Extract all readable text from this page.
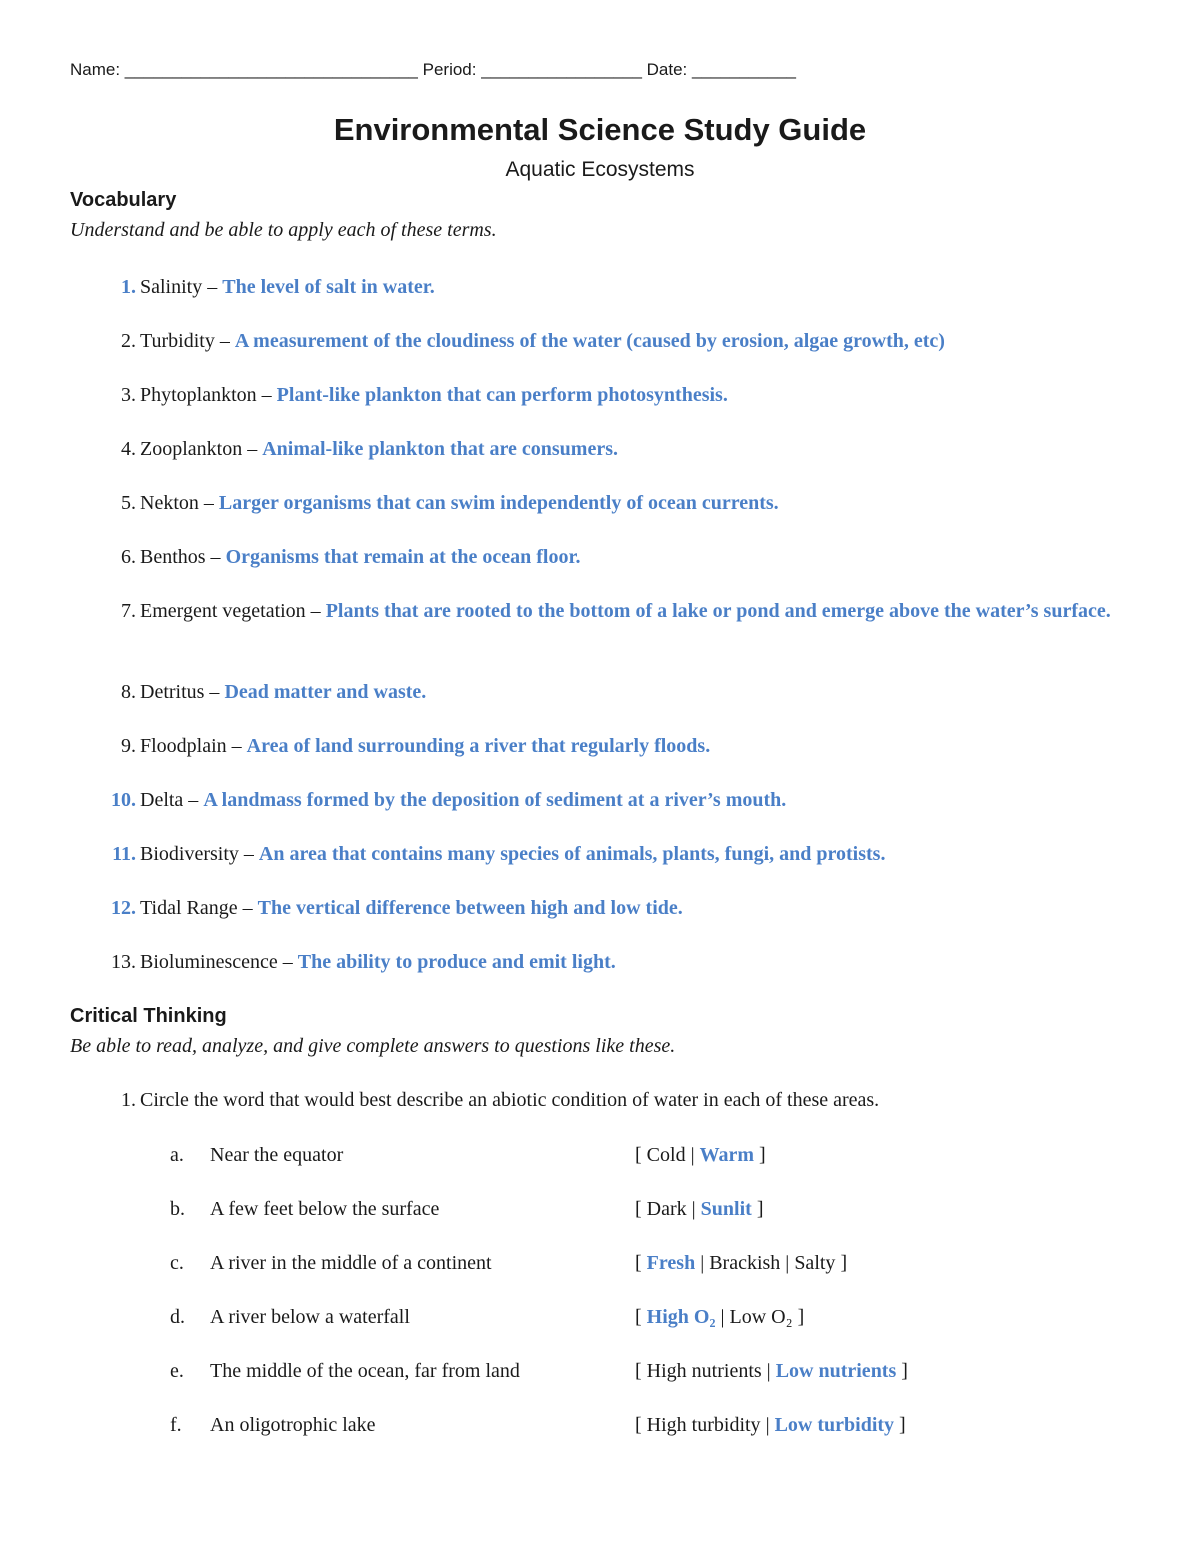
Name: _______________________________ Period: _________________ Date: ___________
Environmental Science Study Guide
Aquatic Ecosystems
Vocabulary
Understand and be able to apply each of these terms.
1. Salinity – The level of salt in water.
2. Turbidity – A measurement of the cloudiness of the water (caused by erosion, algae growth, etc)
3. Phytoplankton – Plant-like plankton that can perform photosynthesis.
4. Zooplankton – Animal-like plankton that are consumers.
5. Nekton – Larger organisms that can swim independently of ocean currents.
6. Benthos – Organisms that remain at the ocean floor.
7. Emergent vegetation – Plants that are rooted to the bottom of a lake or pond and emerge above the water’s surface.
8. Detritus – Dead matter and waste.
9. Floodplain – Area of land surrounding a river that regularly floods.
10. Delta – A landmass formed by the deposition of sediment at a river’s mouth.
11. Biodiversity – An area that contains many species of animals, plants, fungi, and protists.
12. Tidal Range – The vertical difference between high and low tide.
13. Bioluminescence – The ability to produce and emit light.
Critical Thinking
Be able to read, analyze, and give complete answers to questions like these.
1. Circle the word that would best describe an abiotic condition of water in each of these areas.
a. Near the equator	[ Cold | Warm ]
b. A few feet below the surface	[ Dark | Sunlit ]
c. A river in the middle of a continent	[ Fresh | Brackish | Salty ]
d. A river below a waterfall	[ High O₂ | Low O₂ ]
e. The middle of the ocean, far from land	[ High nutrients | Low nutrients ]
f. An oligotrophic lake	[ High turbidity | Low turbidity ]
